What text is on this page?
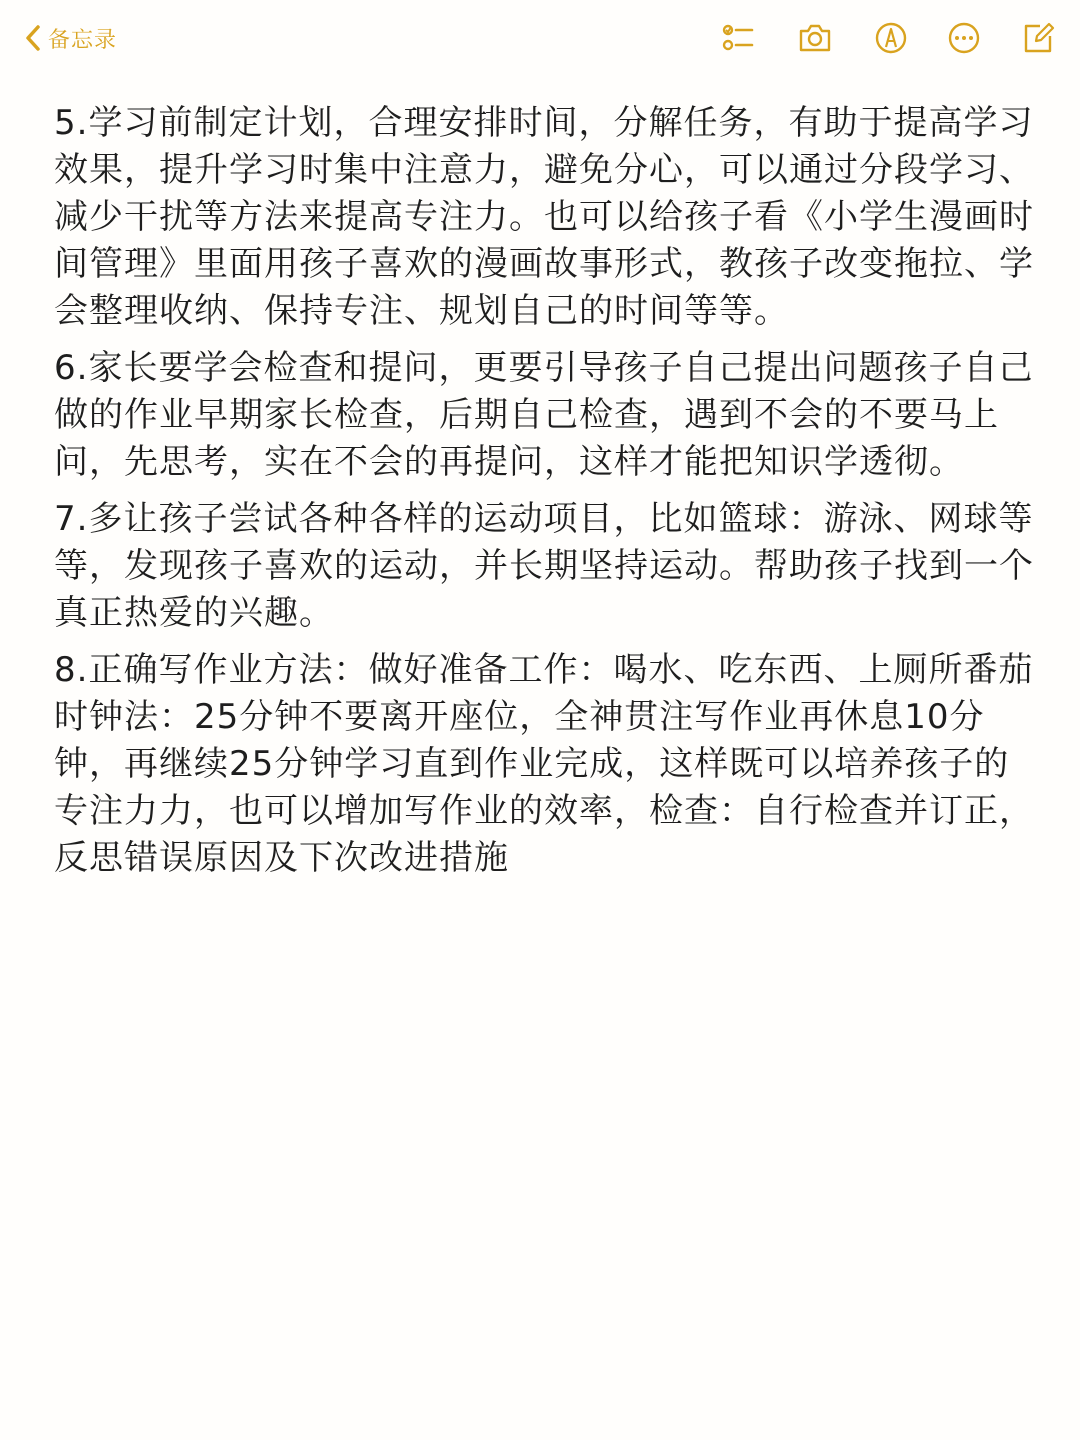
备忘录

5.学习前制定计划，合理安排时间，分解任务，有助于提高学习效果，提升学习时集中注意力，避免分心，可以通过分段学习、减少干扰等方法来提高专注力。也可以给孩子看《小学生漫画时间管理》里面用孩子喜欢的漫画故事形式，教孩子改变拖拉、学会整理收纳、保持专注、规划自己的时间等等。

6.家长要学会检查和提问，更要引导孩子自己提出问题孩子自己做的作业早期家长检查，后期自己检查，遇到不会的不要马上问，先思考，实在不会的再提问，这样才能把知识学透彻。

7.多让孩子尝试各种各样的运动项目，比如篮球：游泳、网球等等，发现孩子喜欢的运动，并长期坚持运动。帮助孩子找到一个真正热爱的兴趣。

8.正确写作业方法：做好准备工作：喝水、吃东西、上厕所番茄时钟法：25分钟不要离开座位，全神贯注写作业再休息10分钟，再继续25分钟学习直到作业完成，这样既可以培养孩子的专注力力，也可以增加写作业的效率，检查：自行检查并订正，反思错误原因及下次改进措施
